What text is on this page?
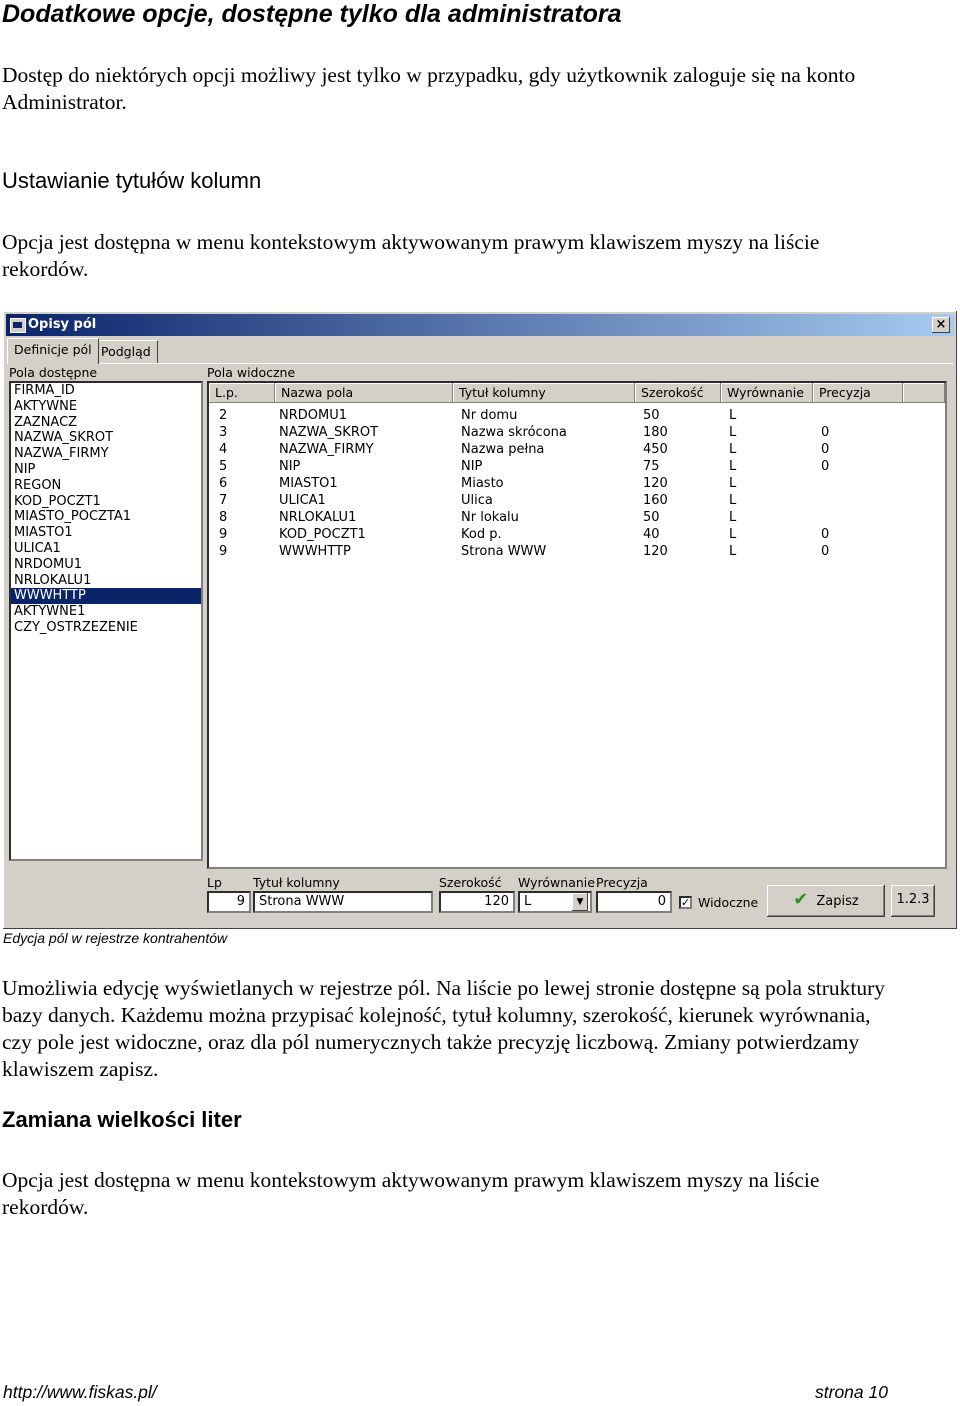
Dodatkowe opcje, dostępne tylko dla administratora
Dostęp do niektórych opcji możliwy jest tylko w przypadku, gdy użytkownik zaloguje się na konto Administrator.
Ustawianie tytułów kolumn
Opcja jest dostępna w menu kontekstowym aktywowanym prawym klawiszem myszy na liście rekordów.
Opisy pól	×
Definicje pól Podgląd
Pola dostępne
FIRMA_ID
AKTYWNE
ZAZNACZ
NAZWA_SKROT
NAZWA_FIRMY
NIP
REGON
KOD_POCZT1
MIASTO_POCZTA1
MIASTO1
ULICA1
NRDOMU1
NRLOKALU1
WWWHTTP
AKTYWNE1
CZY_OSTRZEZENIE
Pola widoczne
L.p.	Nazwa pola	Tytuł kolumny	Szerokość	Wyrównanie	Precyzja
2	NRDOMU1	Nr domu	50	L
3	NAZWA_SKROT	Nazwa skrócona	180	L	0
4	NAZWA_FIRMY	Nazwa pełna	450	L	0
5	NIP	NIP	75	L	0
6	MIASTO1	Miasto	120	L
7	ULICA1	Ulica	160	L
8	NRLOKALU1	Nr lokalu	50	L
9	KOD_POCZT1	Kod p.	40	L	0
9	WWWHTTP	Strona WWW	120	L	0
Lp
9
Tytuł kolumny
Strona WWW
Szerokość
120
Wyrównanie
L	▼
Precyzja
0	✓ Widoczne	✔ Zapisz	1.2.3
Edycja pól w rejestrze kontrahentów
Umożliwia edycję wyświetlanych w rejestrze pól. Na liście po lewej stronie dostępne są pola struktury bazy danych. Każdemu można przypisać kolejność, tytuł kolumny, szerokość, kierunek wyrównania, czy pole jest widoczne, oraz dla pól numerycznych także precyzję liczbową. Zmiany potwierdzamy klawiszem zapisz.
Zamiana wielkości liter
Opcja jest dostępna w menu kontekstowym aktywowanym prawym klawiszem myszy na liście rekordów.
http://www.fiskas.pl/	strona 10
